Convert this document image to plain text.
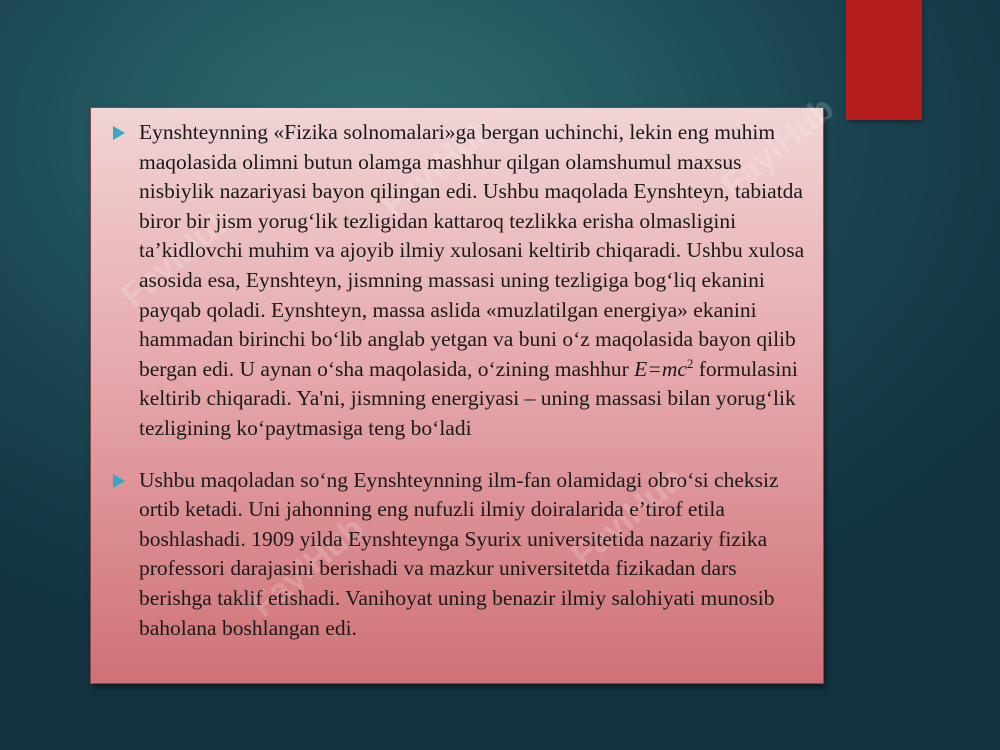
FaylHub
FaylHub	FaylHub
FaylHub	FaylHub
Eynshteynning «Fizika solnomalari»ga bergan uchinchi, lekin eng muhim maqolasida olimni butun olamga mashhur qilgan olamshumul maxsus nisbiylik nazariyasi bayon qilingan edi. Ushbu maqolada Eynshteyn, tabiatda biror bir jism yorug‘lik tezligidan kattaroq tezlikka erisha olmasligini ta’kidlovchi muhim va ajoyib ilmiy xulosani keltirib chiqaradi. Ushbu xulosa asosida esa, Eynshteyn, jismning massasi uning tezligiga bog‘liq ekanini payqab qoladi. Eynshteyn, massa aslida «muzlatilgan energiya» ekanini hammadan birinchi bo‘lib anglab yetgan va buni o‘z maqolasida bayon qilib bergan edi. U aynan o‘sha maqolasida, o‘zining mashhur $E=mc^2$ formulasini keltirib chiqaradi. Ya'ni, jismning energiyasi – uning massasi bilan yorug‘lik tezligining ko‘paytmasiga teng bo‘ladi
Ushbu maqoladan so‘ng Eynshteynning ilm-fan olamidagi obro‘si cheksiz ortib ketadi. Uni jahonning eng nufuzli ilmiy doiralarida e’tirof etila boshlashadi. 1909 yilda Eynshteynga Syurix universitetida nazariy fizika professori darajasini berishadi va mazkur universitetda fizikadan dars berishga taklif etishadi. Vanihoyat uning benazir ilmiy salohiyati munosib baholana boshlangan edi.
